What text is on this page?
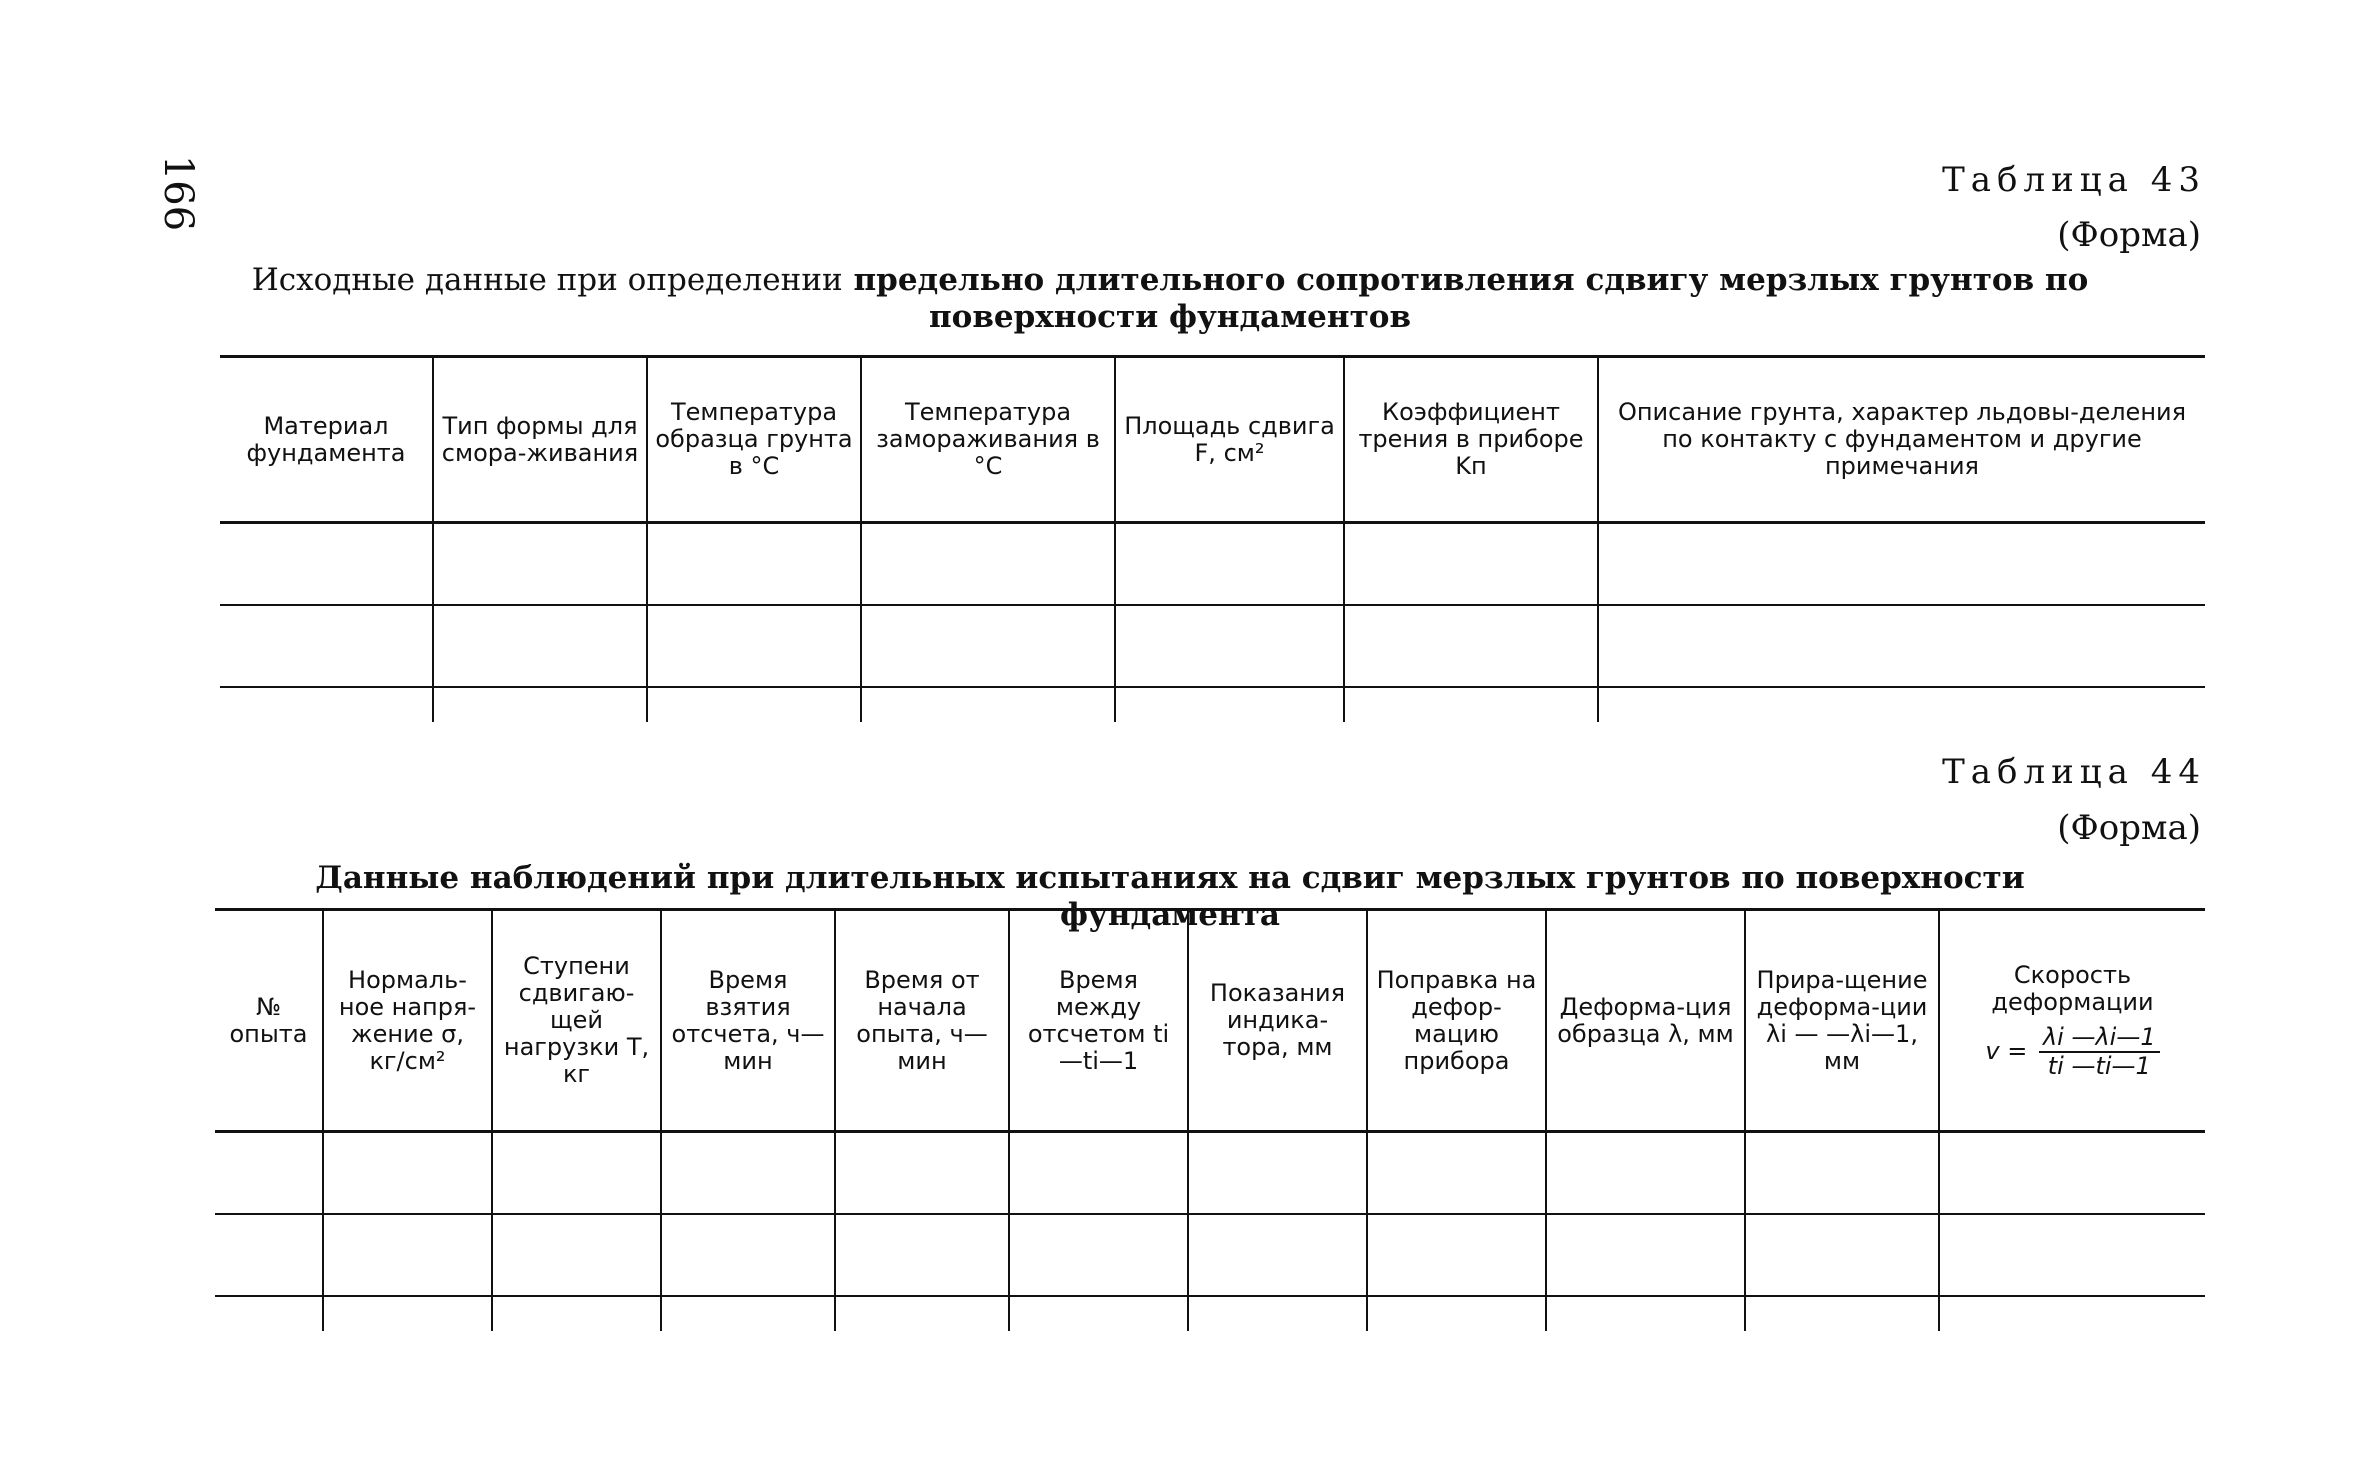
166	Таблица 43
(Форма)
Исходные данные при определении предельно длительного сопротивления сдвигу мерзлых грунтов по поверхности фундаментов
Материал фундамента	Тип формы для смора-живания	Температура образца грунта в °С	Температура замораживания в °С	Площадь сдвига F, см²	Коэффициент трения в приборе Kп	Описание грунта, характер льдовы-деления по контакту с фундаментом и другие примечания

Таблица 44
(Форма)
Данные наблюдений при длительных испытаниях на сдвиг мерзлых грунтов по поверхности фундамента
№ опыта	Нормаль-ное напря-жение σ, кг/см²	Ступени сдвигаю-щей нагрузки T, кг	Время взятия отсчета, ч—мин	Время от начала опыта, ч—мин	Время между отсчетом ti —ti—1	Показания индика-тора, мм	Поправка на дефор-мацию прибора	Деформа-ция образца λ, мм	Прира-щение деформа-ции λi — —λi—1, мм	Скорость деформации
$v = \frac{\lambda i —\lambda i—1}{ti —ti—1}$
